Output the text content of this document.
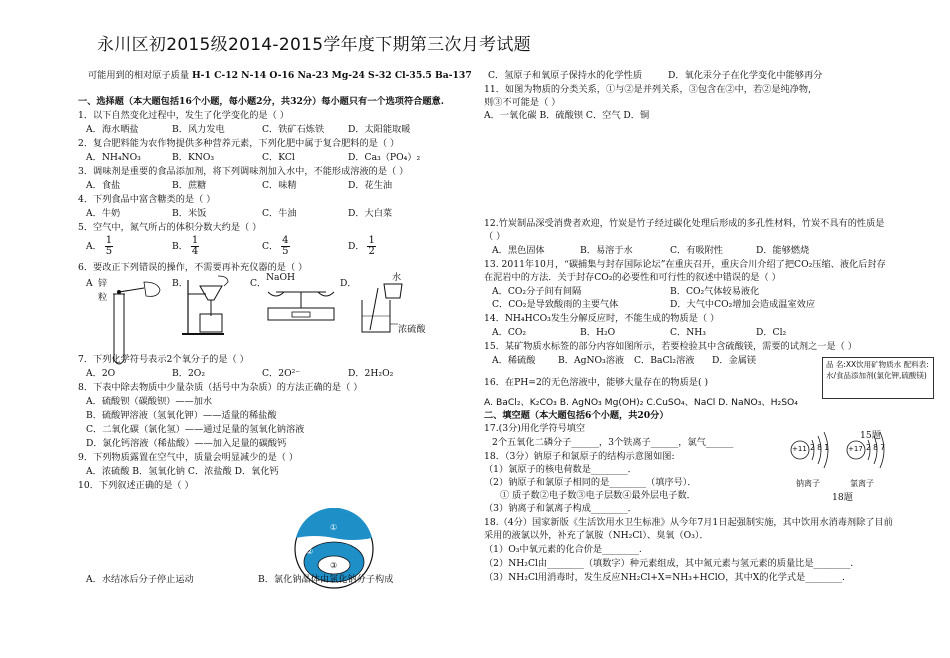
永川区初2015级2014-2015学年度下期第三次月考试题
可能用到的相对原子质量 H-1 C-12 N-14 O-16 Na-23 Mg-24 S-32 Cl-35.5 Ba-137
一、选择题（本大题包括16个小题，每小题2分，共32分）每小题只有一个选项符合题意.
1．以下自然变化过程中，发生了化学变化的是（ ）
A．海水晒盐	B．风力发电	C．铁矿石炼铁	D．太阳能取暖
2．复合肥料能为农作物提供多种营养元素，下列化肥中属于复合肥料的是（ ）
A．NH₄NO₃	B．KNO₃	C．KCl	D．Ca₃（PO₄）₂
3．调味剂是重要的食品添加剂，将下列调味剂加入水中，不能形成溶液的是（ ）
A．食盐	B．蔗糖	C．味精	D．花生油
4．下列食品中富含糖类的是（ ）
A．牛奶	B．米饭	C．牛油	D．大白菜
5．空气中，氮气所占的体积分数大约是（ ）
A． $\frac{1}{5}$	B． $\frac{1}{4}$	C． $\frac{4}{5}$	D． $\frac{1}{2}$
6．要改正下列错误的操作，不需要再补充仪器的是（ ）
A 锌
粒
B．	C．
NaOH
D．
水
浓硫酸
7．下列化学符号表示2个氧分子的是（ ）
A．2O	B．2O₂	C．2O²⁻	D．2H₂O₂
8．下表中除去物质中少量杂质（括号中为杂质）的方法正确的是（ ）
A．硫酸钡（碳酸钡）——加水
B．硫酸钾溶液（氢氧化钾）——适量的稀盐酸
C．二氧化碳（氯化氢）——通过足量的氢氧化钠溶液
D．氯化钙溶液（稀盐酸）——加入足量的碳酸钙
9．下列物质露置在空气中，质量会明显减少的是（ ）
A．浓硫酸 B．氢氧化钠 C．浓盐酸 D．氧化钙
10．下列叙述正确的是（ ）
①
②
③
A．水结冰后分子停止运动	B．氯化钠晶体由氯化钠分子构成
C．氢原子和氧原子保持水的化学性质	D．氧化汞分子在化学变化中能够再分
11．如图为物质的分类关系，①与②是并列关系，③包含在②中，若②是纯净物,
则③不可能是（ ）
A．一氧化碳 B．硫酸钡 C．空气 D．铜
12.竹炭制品深受消费者欢迎，竹炭是竹子经过碳化处理后形成的多孔性材料，竹炭不具有的性质是
（ ）
A．黑色固体	B．易溶于水	C．有吸附性	D．能够燃烧
13. 2011年10月，“碳捕集与封存国际论坛”在重庆召开，重庆合川介绍了把CO₂压缩、液化后封存
在泥岩中的方法．关于封存CO₂的必要性和可行性的叙述中错误的是（ ）
A．CO₂分子间有间隔	B．CO₂气体较易液化
C．CO₂是导致酸雨的主要气体	D．大气中CO₂增加会造成温室效应
14．NH₄HCO₃发生分解反应时，不能生成的物质是（ ）
A．CO₂	B．H₂O	C．NH₃	D．Cl₂
15．某矿物质水标签的部分内容如图所示，若要检验其中含硫酸镁，需要的试剂之一是（ ）
A．稀硫酸 B．AgNO₃溶液 C．BaCl₂溶液 D．金属镁	品 名:XX饮用矿物质水 配料表:水/食品添加剂(氯化钾,硫酸镁)
15题
16．在PH=2的无色溶液中，能够大量存在的物质是( )
A. BaCl₂、K₂CO₃ B. AgNO₃ Mg(OH)₂ C.CuSO₄、NaCl D. NaNO₃、H₂SO₄
二、填空题（本大题包括6个小题，共20分）
17.(3分)用化学符号填空
2个五氧化二磷分子______，3个铁离子______，氯气______
18．（3分）钠原子和氯原子的结构示意图如图:
（1）氯原子的核电荷数是________．
（2）钠原子和氯原子相同的是________（填序号）．
① 质子数②电子数③电子层数④最外层电子数．
（3）钠离子和氯离子构成________．
+11 2 8 1	+17 2 8 7
钠离子	氯离子
18题
18.（4分）国家新版《生活饮用水卫生标准》从今年7月1日起强制实施，其中饮用水消毒剂除了目前
采用的液氯以外，补充了氯胺（NH₂Cl）、臭氧（O₃）．
（1）O₃中氧元素的化合价是________.
（2）NH₂Cl由________（填数字）种元素组成，其中氮元素与氢元素的质量比是________.
（3）NH₂Cl用消毒时，发生反应NH₂Cl+X=NH₃+HClO，其中X的化学式是________.
